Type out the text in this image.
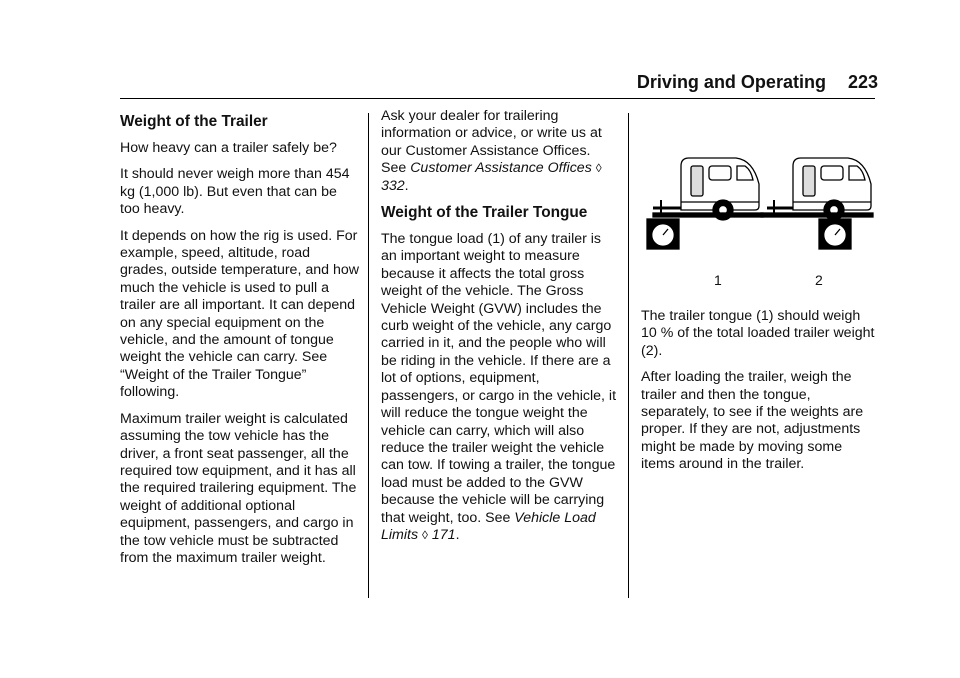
Driving and Operating 223
Weight of the Trailer

How heavy can a trailer safely be?

It should never weigh more than 454 kg (1,000 lb). But even that can be too heavy.

It depends on how the rig is used. For example, speed, altitude, road grades, outside temperature, and how much the vehicle is used to pull a trailer are all important. It can depend on any special equipment on the vehicle, and the amount of tongue weight the vehicle can carry. See “Weight of the Trailer Tongue” following.

Maximum trailer weight is calculated assuming the tow vehicle has the driver, a front seat passenger, all the required tow equipment, and it has all the required trailering equipment. The weight of additional optional equipment, passengers, and cargo in the tow vehicle must be subtracted from the maximum trailer weight.

Ask your dealer for trailering information or advice, or write us at our Customer Assistance Offices. See Customer Assistance Offices ◊ 332.

Weight of the Trailer Tongue

The tongue load (1) of any trailer is an important weight to measure because it affects the total gross weight of the vehicle. The Gross Vehicle Weight (GVW) includes the curb weight of the vehicle, any cargo carried in it, and the people who will be riding in the vehicle. If there are a lot of options, equipment, passengers, or cargo in the vehicle, it will reduce the tongue weight the vehicle can carry, which will also reduce the trailer weight the vehicle can tow. If towing a trailer, the tongue load must be added to the GVW because the vehicle will be carrying that weight, too. See Vehicle Load Limits ◊ 171.

1	2

The trailer tongue (1) should weigh 10 % of the total loaded trailer weight (2).

After loading the trailer, weigh the trailer and then the tongue, separately, to see if the weights are proper. If they are not, adjustments might be made by moving some items around in the trailer.
